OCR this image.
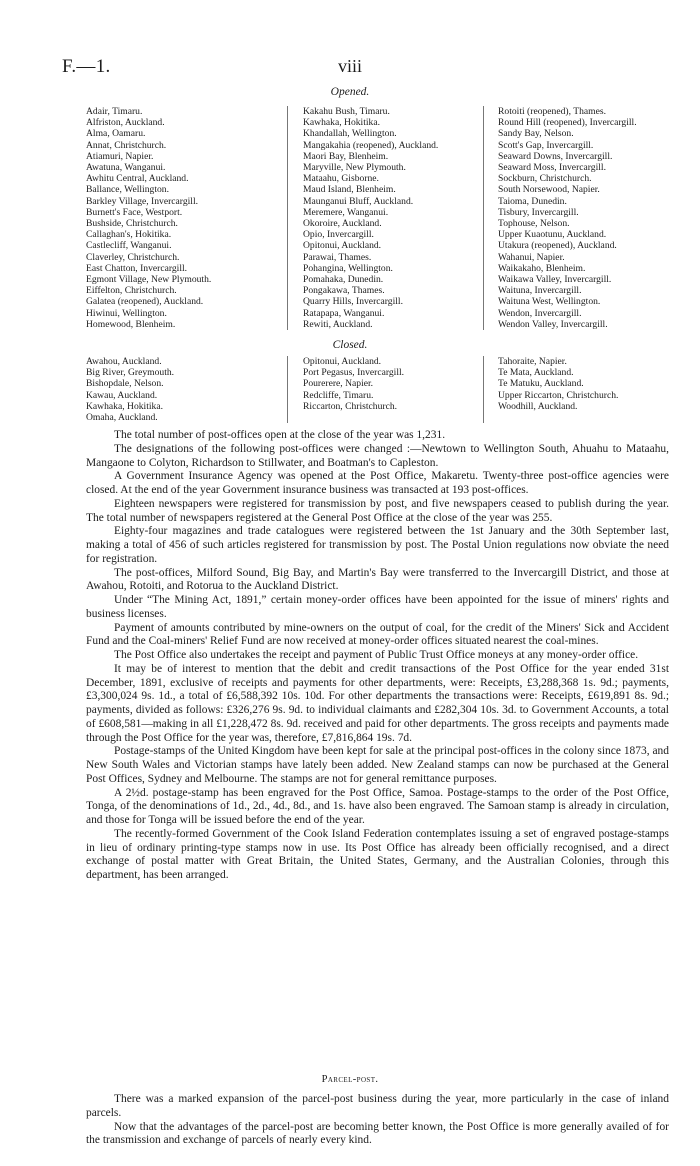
F.—1.	viii
Opened.
Adair, Timaru.
Alfriston, Auckland.
Alma, Oamaru.
Annat, Christchurch.
Atiamuri, Napier.
Awatuna, Wanganui.
Awhitu Central, Auckland.
Ballance, Wellington.
Barkley Village, Invercargill.
Burnett's Face, Westport.
Bushside, Christchurch.
Callaghan's, Hokitika.
Castlecliff, Wanganui.
Claverley, Christchurch.
East Chatton, Invercargill.
Egmont Village, New Plymouth.
Eiffelton, Christchurch.
Galatea (reopened), Auckland.
Hiwinui, Wellington.
Homewood, Blenheim.
Kakahu Bush, Timaru.
Kawhaka, Hokitika.
Khandallah, Wellington.
Mangakahia (reopened), Auckland.
Maori Bay, Blenheim.
Maryville, New Plymouth.
Mataahu, Gisborne.
Maud Island, Blenheim.
Maunganui Bluff, Auckland.
Meremere, Wanganui.
Okoroire, Auckland.
Opio, Invercargill.
Opitonui, Auckland.
Parawai, Thames.
Pohangina, Wellington.
Pomahaka, Dunedin.
Pongakawa, Thames.
Quarry Hills, Invercargill.
Ratapapa, Wanganui.
Rewiti, Auckland.
Rotoiti (reopened), Thames.
Round Hill (reopened), Invercargill.
Sandy Bay, Nelson.
Scott's Gap, Invercargill.
Seaward Downs, Invercargill.
Seaward Moss, Invercargill.
Sockburn, Christchurch.
South Norsewood, Napier.
Taioma, Dunedin.
Tisbury, Invercargill.
Tophouse, Nelson.
Upper Kuaotunu, Auckland.
Utakura (reopened), Auckland.
Wahanui, Napier.
Waikakaho, Blenheim.
Waikawa Valley, Invercargill.
Waituna, Invercargill.
Waituna West, Wellington.
Wendon, Invercargill.
Wendon Valley, Invercargill.
Closed.
Awahou, Auckland.
Big River, Greymouth.
Bishopdale, Nelson.
Kawau, Auckland.
Kawhaka, Hokitika.
Omaha, Auckland.
Opitonui, Auckland.
Port Pegasus, Invercargill.
Pourerere, Napier.
Redcliffe, Timaru.
Riccarton, Christchurch.
Tahoraite, Napier.
Te Mata, Auckland.
Te Matuku, Auckland.
Upper Riccarton, Christchurch.
Woodhill, Auckland.

The total number of post-offices open at the close of the year was 1,231.

The designations of the following post-offices were changed :—Newtown to Wellington South, Ahuahu to Mataahu, Mangaone to Colyton, Richardson to Stillwater, and Boatman's to Capleston.

A Government Insurance Agency was opened at the Post Office, Makaretu. Twenty-three post-office agencies were closed. At the end of the year Government insurance business was transacted at 193 post-offices.

Eighteen newspapers were registered for transmission by post, and five newspapers ceased to publish during the year. The total number of newspapers registered at the General Post Office at the close of the year was 255.

Eighty-four magazines and trade catalogues were registered between the 1st January and the 30th September last, making a total of 456 of such articles registered for transmission by post. The Postal Union regulations now obviate the need for registration.

The post-offices, Milford Sound, Big Bay, and Martin's Bay were transferred to the Invercargill District, and those at Awahou, Rotoiti, and Rotorua to the Auckland District.

Under “The Mining Act, 1891,” certain money-order offices have been appointed for the issue of miners' rights and business licenses.

Payment of amounts contributed by mine-owners on the output of coal, for the credit of the Miners' Sick and Accident Fund and the Coal-miners' Relief Fund are now received at money-order offices situated nearest the coal-mines.

The Post Office also undertakes the receipt and payment of Public Trust Office moneys at any money-order office.

It may be of interest to mention that the debit and credit transactions of the Post Office for the year ended 31st December, 1891, exclusive of receipts and payments for other departments, were: Receipts, £3,288,368 1s. 9d.; payments, £3,300,024 9s. 1d., a total of £6,588,392 10s. 10d. For other departments the transactions were: Receipts, £619,891 8s. 9d.; payments, divided as follows: £326,276 9s. 9d. to individual claimants and £282,304 10s. 3d. to Government Accounts, a total of £608,581—making in all £1,228,472 8s. 9d. received and paid for other departments. The gross receipts and payments made through the Post Office for the year was, therefore, £7,816,864 19s. 7d.

Postage-stamps of the United Kingdom have been kept for sale at the principal post-offices in the colony since 1873, and New South Wales and Victorian stamps have lately been added. New Zealand stamps can now be purchased at the General Post Offices, Sydney and Melbourne. The stamps are not for general remittance purposes.

A 2½d. postage-stamp has been engraved for the Post Office, Samoa. Postage-stamps to the order of the Post Office, Tonga, of the denominations of 1d., 2d., 4d., 8d., and 1s. have also been engraved. The Samoan stamp is already in circulation, and those for Tonga will be issued before the end of the year.

The recently-formed Government of the Cook Island Federation contemplates issuing a set of engraved postage-stamps in lieu of ordinary printing-type stamps now in use. Its Post Office has already been officially recognised, and a direct exchange of postal matter with Great Britain, the United States, Germany, and the Australian Colonies, through this department, has been arranged.

Parcel-post.

There was a marked expansion of the parcel-post business during the year, more particularly in the case of inland parcels.

Now that the advantages of the parcel-post are becoming better known, the Post Office is more generally availed of for the transmission and exchange of parcels of nearly every kind.
